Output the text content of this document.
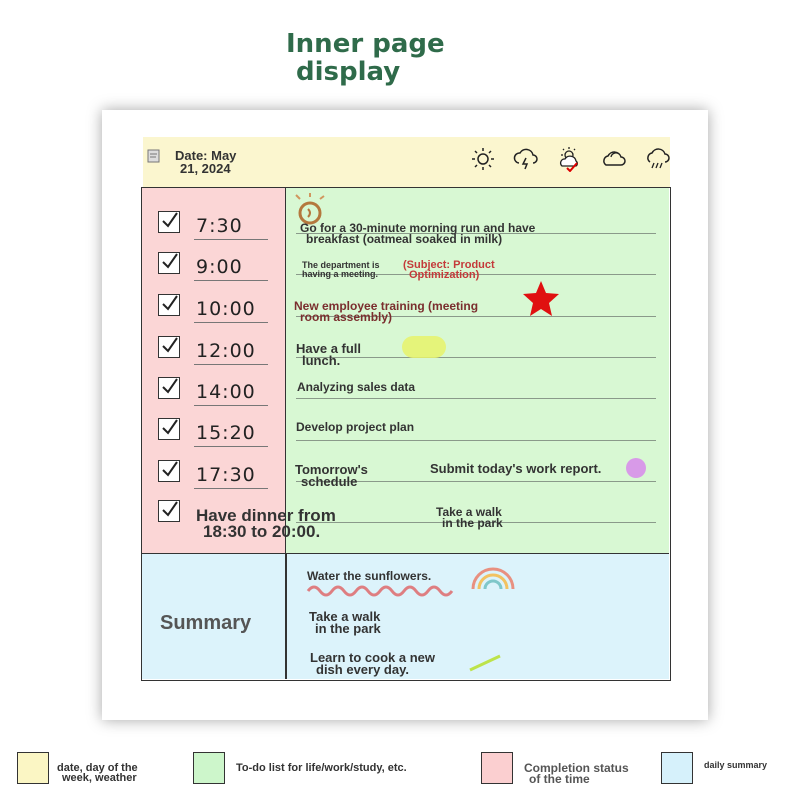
Inner page
display
Date: May
21, 2024
7:30
9:00
10:00
12:00
14:00
15:20
17:30
Go for a 30-minute morning run and have
breakfast (oatmeal soaked in milk)
The department is
having a meeting.
(Subject: Product
Optimization)
New employee training (meeting
room assembly)
Have a full
lunch.
Analyzing sales data
Develop project plan
Tomorrow's
schedule
Submit today's work report.
Take a walk
in the park
Have dinner from
18:30 to 20:00.
Summary
Water the sunflowers.
Take a walk
in the park
Learn to cook a new
dish every day.
date, day of the
week, weather
To-do list for life/work/study, etc.	Completion status
of the time
daily summary
